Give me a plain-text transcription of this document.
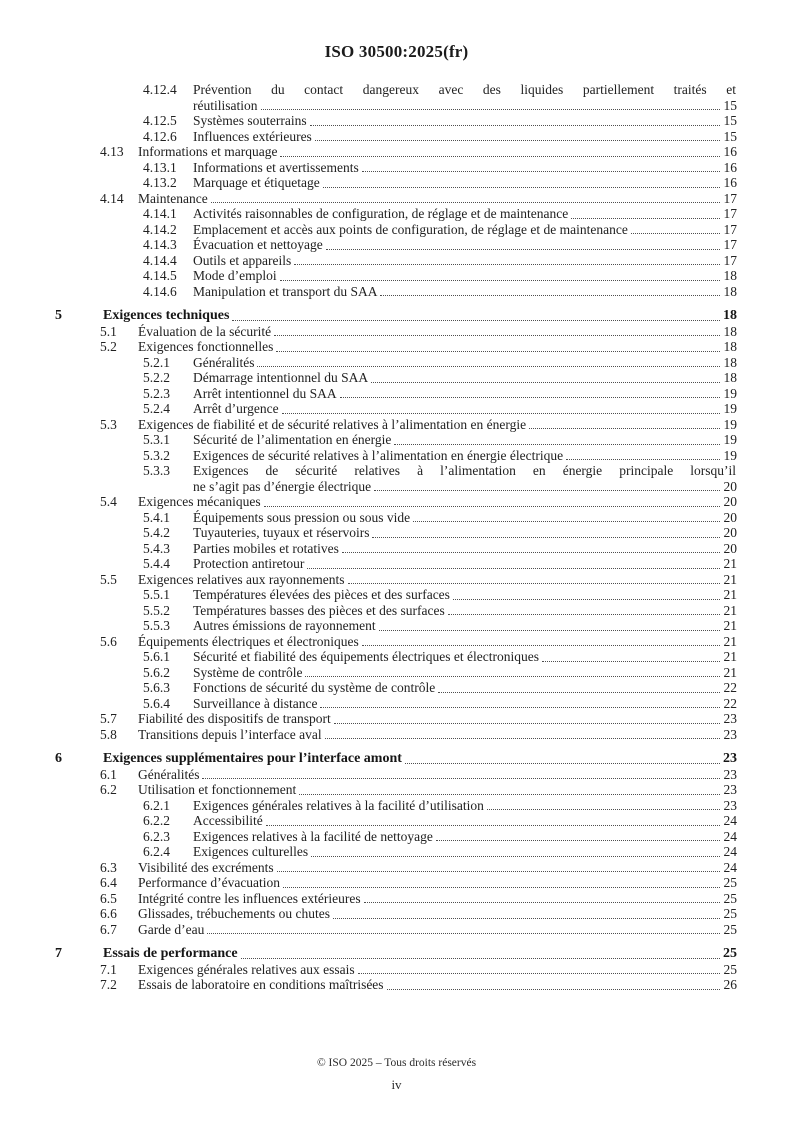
ISO 30500:2025(fr)
4.12.4	Prévention du contact dangereux avec des liquides partiellement traités et
réutilisation	15
4.12.5	Systèmes souterrains	15
4.12.6	Influences extérieures	15
4.13	Informations et marquage	16
4.13.1	Informations et avertissements	16
4.13.2	Marquage et étiquetage	16
4.14	Maintenance	17
4.14.1	Activités raisonnables de configuration, de réglage et de maintenance	17
4.14.2	Emplacement et accès aux points de configuration, de réglage et de maintenance	17
4.14.3	Évacuation et nettoyage	17
4.14.4	Outils et appareils	17
4.14.5	Mode d’emploi	18
4.14.6	Manipulation et transport du SAA	18
5	Exigences techniques	18
5.1	Évaluation de la sécurité	18
5.2	Exigences fonctionnelles	18
5.2.1	Généralités	18
5.2.2	Démarrage intentionnel du SAA	18
5.2.3	Arrêt intentionnel du SAA	19
5.2.4	Arrêt d’urgence	19
5.3	Exigences de fiabilité et de sécurité relatives à l’alimentation en énergie	19
5.3.1	Sécurité de l’alimentation en énergie	19
5.3.2	Exigences de sécurité relatives à l’alimentation en énergie électrique	19
5.3.3	Exigences de sécurité relatives à l’alimentation en énergie principale lorsqu’il
ne s’agit pas d’énergie électrique	20
5.4	Exigences mécaniques	20
5.4.1	Équipements sous pression ou sous vide	20
5.4.2	Tuyauteries, tuyaux et réservoirs	20
5.4.3	Parties mobiles et rotatives	20
5.4.4	Protection antiretour	21
5.5	Exigences relatives aux rayonnements	21
5.5.1	Températures élevées des pièces et des surfaces	21
5.5.2	Températures basses des pièces et des surfaces	21
5.5.3	Autres émissions de rayonnement	21
5.6	Équipements électriques et électroniques	21
5.6.1	Sécurité et fiabilité des équipements électriques et électroniques	21
5.6.2	Système de contrôle	21
5.6.3	Fonctions de sécurité du système de contrôle	22
5.6.4	Surveillance à distance	22
5.7	Fiabilité des dispositifs de transport	23
5.8	Transitions depuis l’interface aval	23
6	Exigences supplémentaires pour l’interface amont	23
6.1	Généralités	23
6.2	Utilisation et fonctionnement	23
6.2.1	Exigences générales relatives à la facilité d’utilisation	23
6.2.2	Accessibilité	24
6.2.3	Exigences relatives à la facilité de nettoyage	24
6.2.4	Exigences culturelles	24
6.3	Visibilité des excréments	24
6.4	Performance d’évacuation	25
6.5	Intégrité contre les influences extérieures	25
6.6	Glissades, trébuchements ou chutes	25
6.7	Garde d’eau	25
7	Essais de performance	25
7.1	Exigences générales relatives aux essais	25
7.2	Essais de laboratoire en conditions maîtrisées	26
© ISO 2025 – Tous droits réservés
iv
